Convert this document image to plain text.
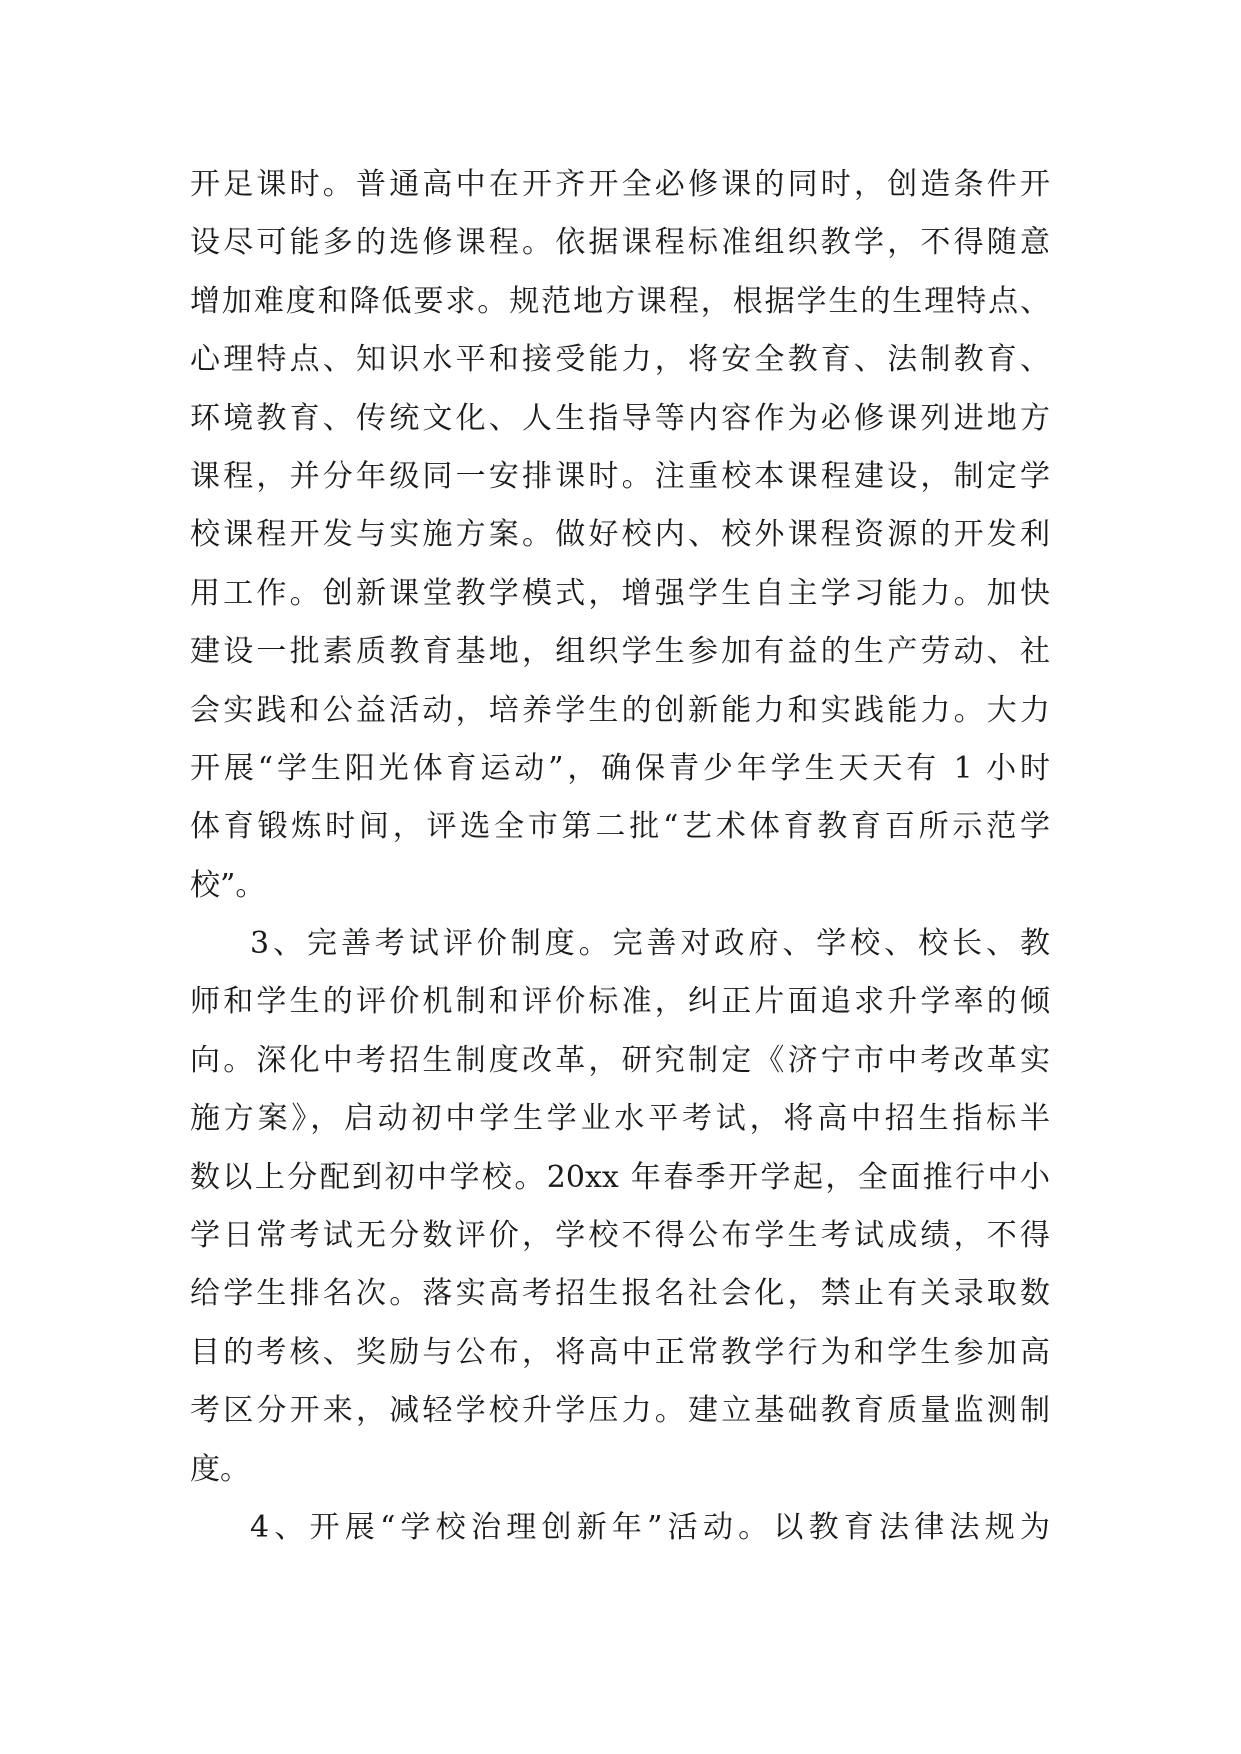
开足课时。普通高中在开齐开全必修课的同时，创造条件开
设尽可能多的选修课程。依据课程标准组织教学，不得随意
增加难度和降低要求。规范地方课程，根据学生的生理特点、
心理特点、知识水平和接受能力，将安全教育、法制教育、
环境教育、传统文化、人生指导等内容作为必修课列进地方
课程，并分年级同一安排课时。注重校本课程建设，制定学
校课程开发与实施方案。做好校内、校外课程资源的开发利
用工作。创新课堂教学模式，增强学生自主学习能力。加快
建设一批素质教育基地，组织学生参加有益的生产劳动、社
会实践和公益活动，培养学生的创新能力和实践能力。大力
开展“学生阳光体育运动”，确保青少年学生天天有 1 小时
体育锻炼时间，评选全市第二批“艺术体育教育百所示范学
校”。
3、完善考试评价制度。完善对政府、学校、校长、教
师和学生的评价机制和评价标准，纠正片面追求升学率的倾
向。深化中考招生制度改革，研究制定《济宁市中考改革实
施方案》，启动初中学生学业水平考试，将高中招生指标半
数以上分配到初中学校。20xx 年春季开学起，全面推行中小
学日常考试无分数评价，学校不得公布学生考试成绩，不得
给学生排名次。落实高考招生报名社会化，禁止有关录取数
目的考核、奖励与公布，将高中正常教学行为和学生参加高
考区分开来，减轻学校升学压力。建立基础教育质量监测制
度。
4、开展“学校治理创新年”活动。以教育法律法规为
